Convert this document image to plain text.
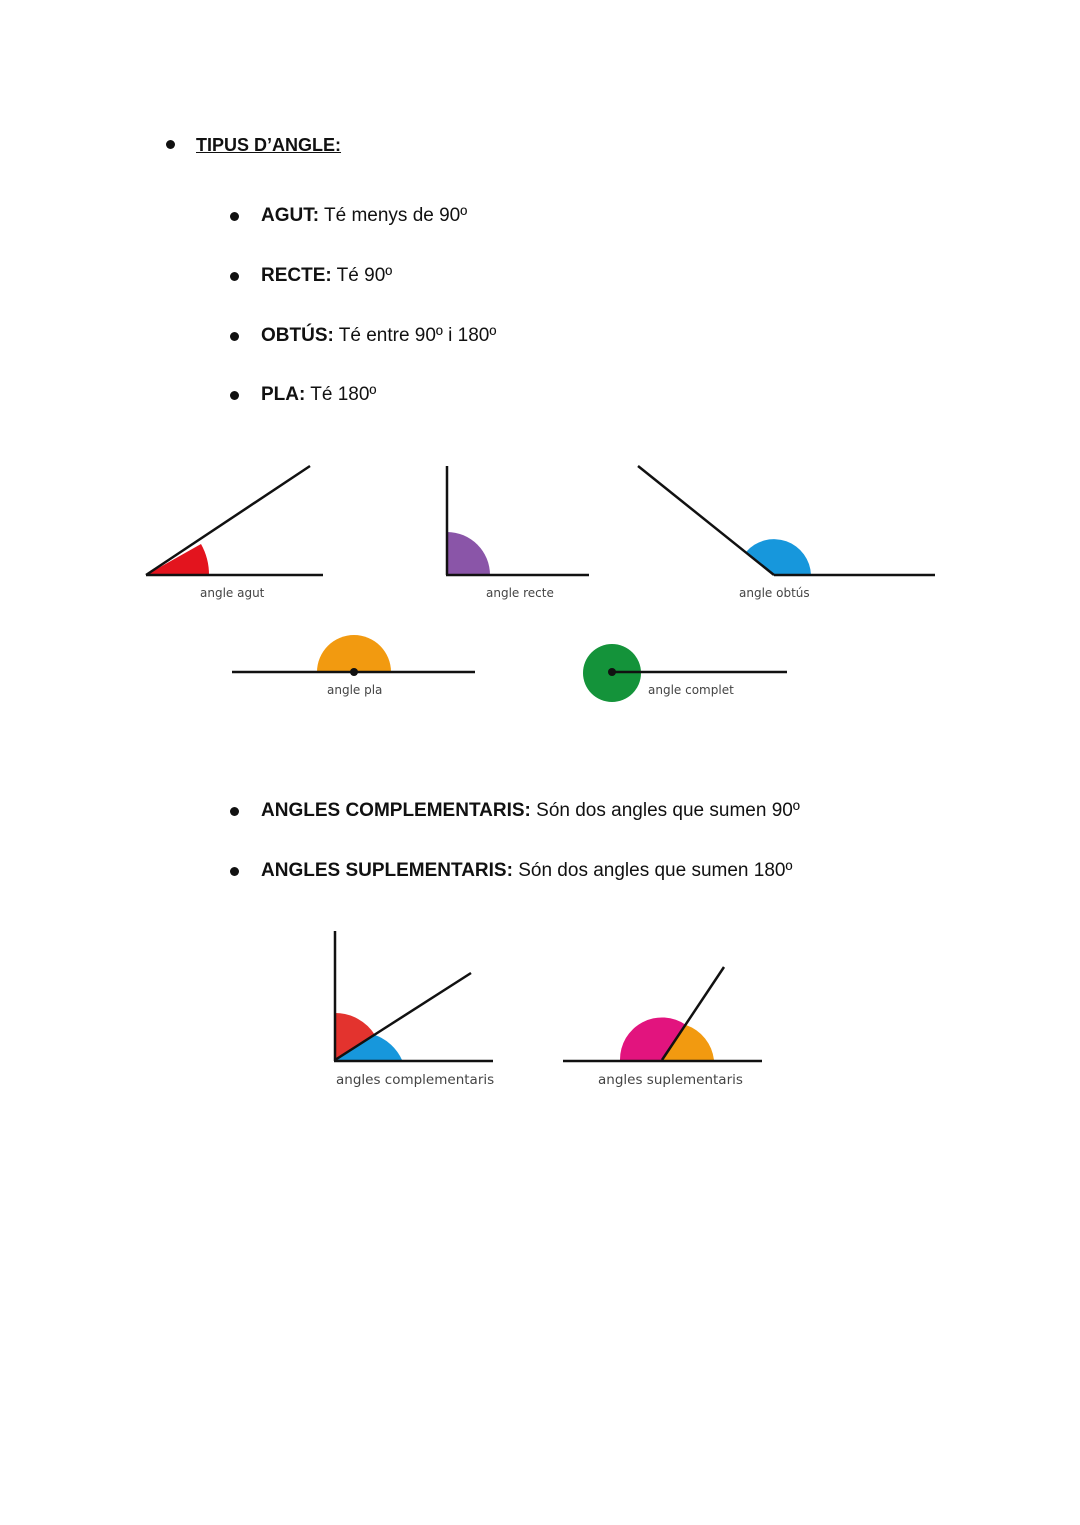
TIPUS D’ANGLE:
AGUT: Té menys de 90º
RECTE: Té 90º
OBTÚS: Té entre 90º i 180º
PLA: Té 180º
ANGLES COMPLEMENTARIS: Són dos angles que sumen 90º
ANGLES SUPLEMENTARIS: Són dos angles que sumen 180º
angle agut	angle recte	angle obtús
angle pla	angle complet
angles complementaris	angles suplementaris
